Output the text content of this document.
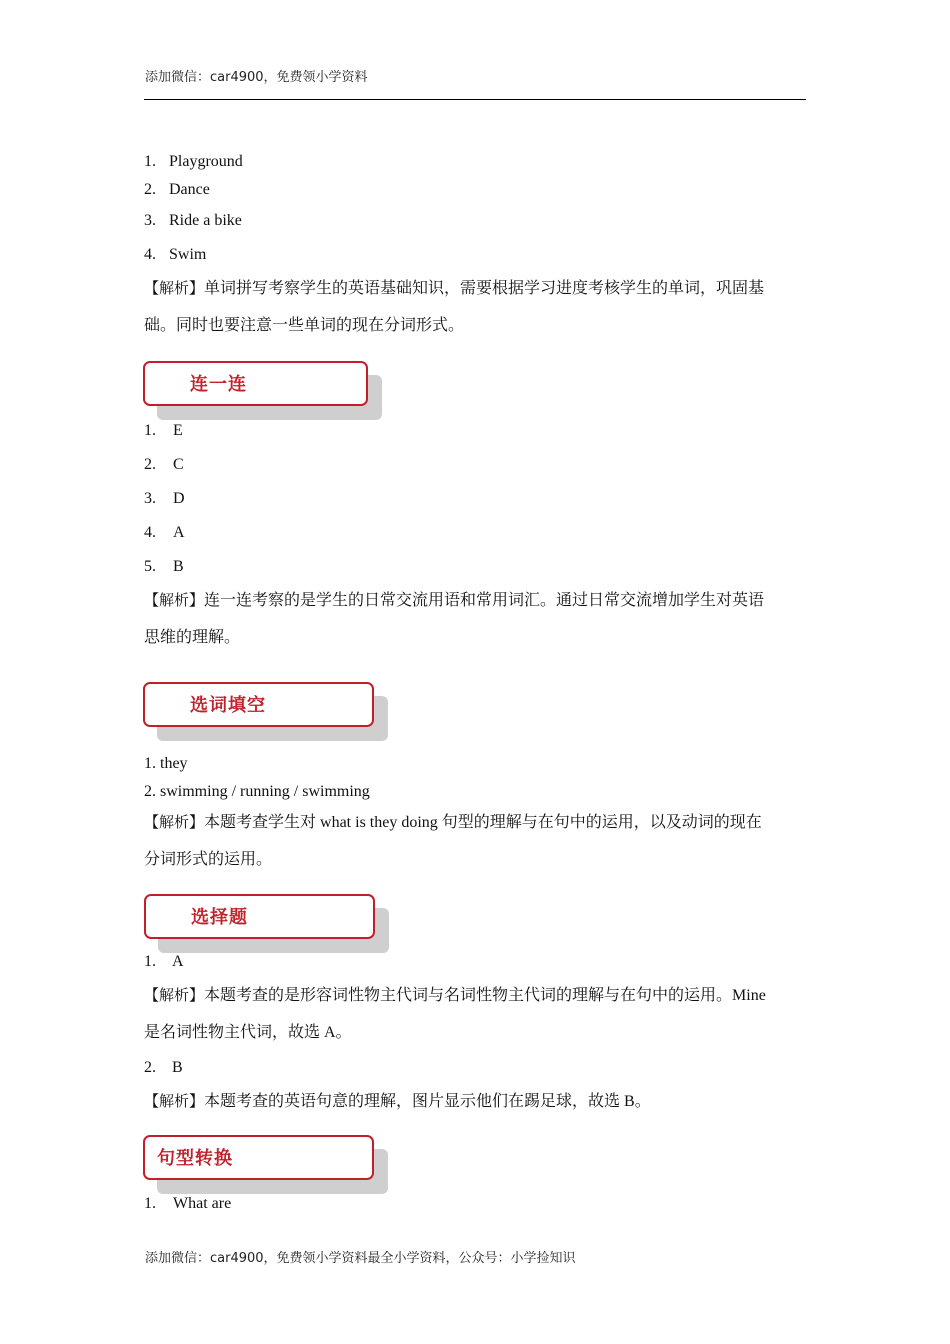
添加微信：car4900，免费领小学资料
1. Playground
2. Dance
3. Ride a bike
4. Swim
【解析】单词拼写考察学生的英语基础知识，需要根据学习进度考核学生的单词，巩固基
础。同时也要注意一些单词的现在分词形式。
连一连
1. E
2. C
3. D
4. A
5. B
【解析】连一连考察的是学生的日常交流用语和常用词汇。通过日常交流增加学生对英语
思维的理解。
选词填空
1. they
2. swimming / running / swimming
【解析】本题考查学生对 what is they doing 句型的理解与在句中的运用，以及动词的现在
分词形式的运用。
选择题
1. A
【解析】本题考查的是形容词性物主代词与名词性物主代词的理解与在句中的运用。Mine
是名词性物主代词，故选 A。
2. B
【解析】本题考查的英语句意的理解，图片显示他们在踢足球，故选 B。
句型转换
1. What are
添加微信：car4900，免费领小学资料最全小学资料，公众号：小学捡知识
